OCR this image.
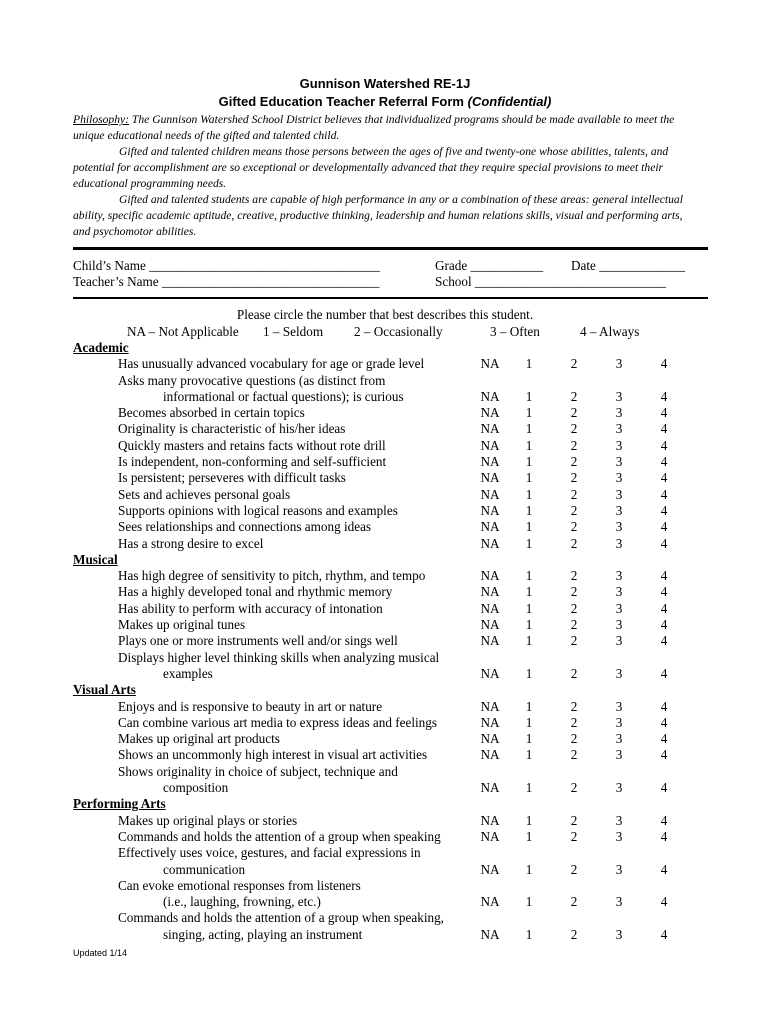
Gunnison Watershed RE-1J
Gifted Education Teacher Referral Form (Confidential)

Philosophy: The Gunnison Watershed School District believes that individualized programs should be made available to meet the unique educational needs of the gifted and talented child.

Gifted and talented children means those persons between the ages of five and twenty-one whose abilities, talents, and potential for accomplishment are so exceptional or developmentally advanced that they require special provisions to meet their educational programming needs.

Gifted and talented students are capable of high performance in any or a combination of these areas: general intellectual ability, specific academic aptitude, creative, productive thinking, leadership and human relations skills, visual and performing arts, and psychomotor abilities.

Child’s Name ___________________________________	Grade ___________ Date _____________
Teacher’s Name _________________________________	School _____________________________
Please circle the number that best describes this student.
NA – Not Applicable 1 – Seldom 2 – Occasionally	3 – Often	4 – Always
Academic
Has unusually advanced vocabulary for age or grade level	NA	1	2	3	4
Asks many provocative questions (as distinct from
informational or factual questions); is curious	NA	1	2	3	4
Becomes absorbed in certain topics	NA	1	2	3	4
Originality is characteristic of his/her ideas	NA	1	2	3	4
Quickly masters and retains facts without rote drill	NA	1	2	3	4
Is independent, non-conforming and self-sufficient	NA	1	2	3	4
Is persistent; perseveres with difficult tasks	NA	1	2	3	4
Sets and achieves personal goals	NA	1	2	3	4
Supports opinions with logical reasons and examples	NA	1	2	3	4
Sees relationships and connections among ideas	NA	1	2	3	4
Has a strong desire to excel	NA	1	2	3	4
Musical
Has high degree of sensitivity to pitch, rhythm, and tempo	NA	1	2	3	4
Has a highly developed tonal and rhythmic memory	NA	1	2	3	4
Has ability to perform with accuracy of intonation	NA	1	2	3	4
Makes up original tunes	NA	1	2	3	4
Plays one or more instruments well and/or sings well	NA	1	2	3	4
Displays higher level thinking skills when analyzing musical
examples	NA	1	2	3	4
Visual Arts
Enjoys and is responsive to beauty in art or nature	NA	1	2	3	4
Can combine various art media to express ideas and feelings	NA	1	2	3	4
Makes up original art products	NA	1	2	3	4
Shows an uncommonly high interest in visual art activities	NA	1	2	3	4
Shows originality in choice of subject, technique and
composition	NA	1	2	3	4
Performing Arts
Makes up original plays or stories	NA	1	2	3	4
Commands and holds the attention of a group when speaking	NA	1	2	3	4
Effectively uses voice, gestures, and facial expressions in
communication	NA	1	2	3	4
Can evoke emotional responses from listeners
(i.e., laughing, frowning, etc.)	NA	1	2	3	4
Commands and holds the attention of a group when speaking,
singing, acting, playing an instrument	NA	1	2	3	4
Updated 1/14
